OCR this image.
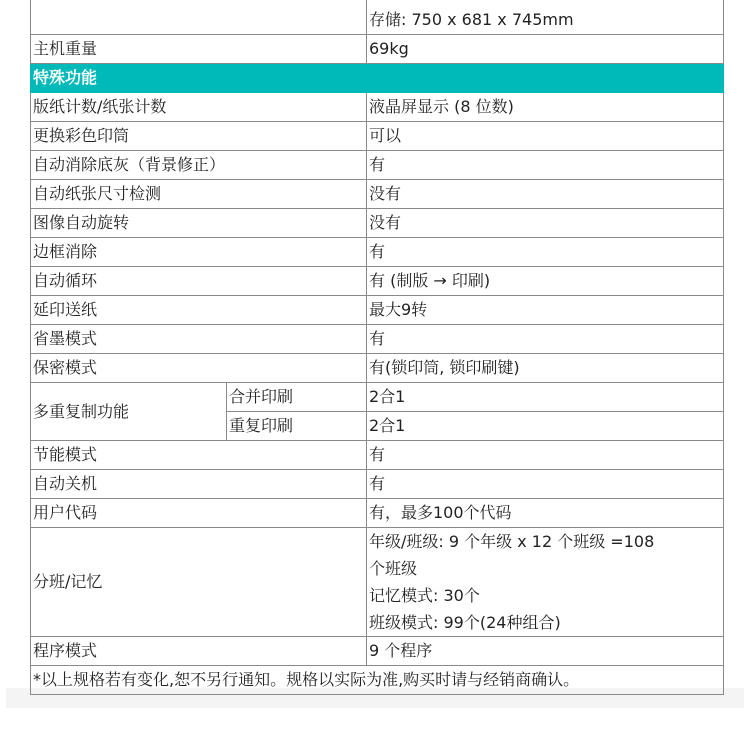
		存储: 750 x 681 x 745mm
主机重量		69kg
特殊功能		
版纸计数/纸张计数		液晶屏显示 (8 位数)
更换彩色印筒		可以
自动消除底灰（背景修正）		有
自动纸张尺寸检测		没有
图像自动旋转		没有
边框消除		有
自动循环		有 (制版 → 印刷)
延印送纸		最大9转
省墨模式		有
保密模式		有(锁印筒, 锁印刷键)
多重复制功能	合并印刷	2合1
	重复印刷	2合1
节能模式		有
自动关机		有
用户代码		有，最多100个代码
分班/记忆		年级/班级: 9 个年级 x 12 个班级 =108
个班级
记忆模式: 30个
班级模式: 99个(24种组合)

程序模式		9 个程序
*以上规格若有变化,恕不另行通知。规格以实际为准,购买时请与经销商确认。		
